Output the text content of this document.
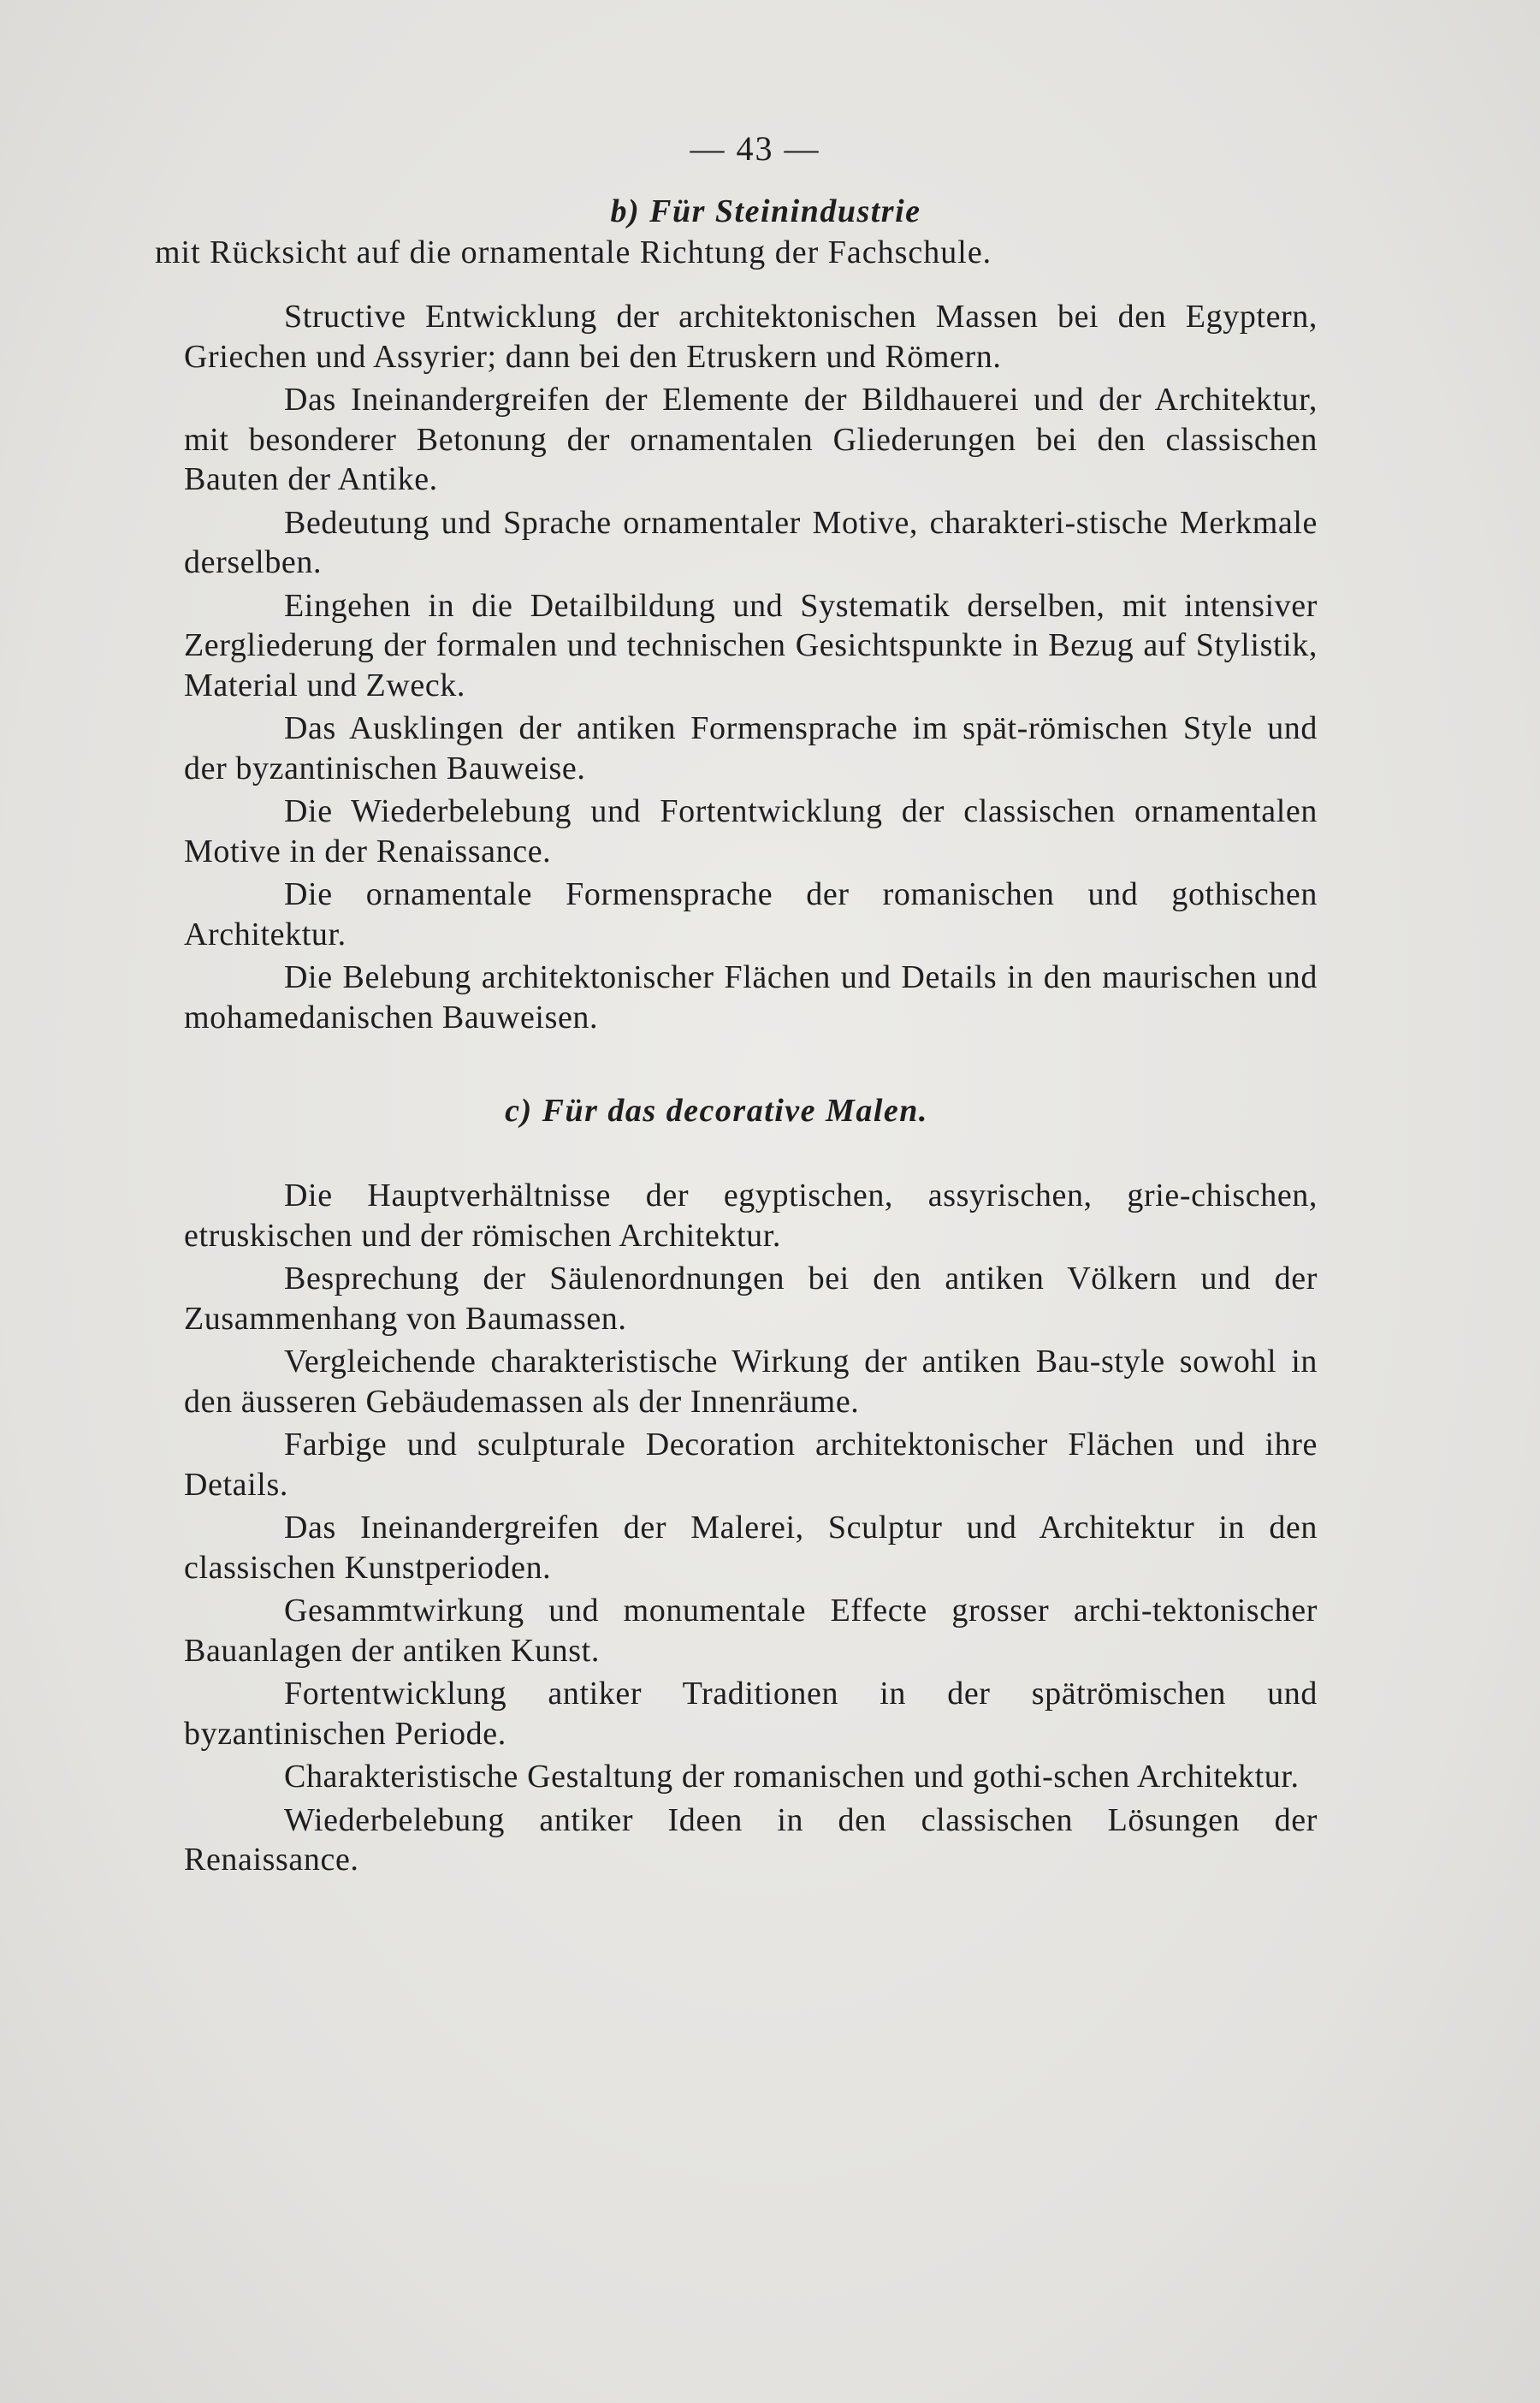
— 43 —
b) Für Steinindustrie
mit Rücksicht auf die ornamentale Richtung der Fachschule.

Structive Entwicklung der architektonischen Massen bei den Egyptern, Griechen und Assyrier; dann bei den Etruskern und Römern.

Das Ineinandergreifen der Elemente der Bildhauerei und der Architektur, mit besonderer Betonung der ornamentalen Gliederungen bei den classischen Bauten der Antike.

Bedeutung und Sprache ornamentaler Motive, charakteri-stische Merkmale derselben.

Eingehen in die Detailbildung und Systematik derselben, mit intensiver Zergliederung der formalen und technischen Gesichtspunkte in Bezug auf Stylistik, Material und Zweck.

Das Ausklingen der antiken Formensprache im spät-römischen Style und der byzantinischen Bauweise.

Die Wiederbelebung und Fortentwicklung der classischen ornamentalen Motive in der Renaissance.

Die ornamentale Formensprache der romanischen und gothischen Architektur.

Die Belebung architektonischer Flächen und Details in den maurischen und mohamedanischen Bauweisen.

c) Für das decorative Malen.

Die Hauptverhältnisse der egyptischen, assyrischen, grie-chischen, etruskischen und der römischen Architektur.

Besprechung der Säulenordnungen bei den antiken Völkern und der Zusammenhang von Baumassen.

Vergleichende charakteristische Wirkung der antiken Bau-style sowohl in den äusseren Gebäudemassen als der Innenräume.

Farbige und sculpturale Decoration architektonischer Flächen und ihre Details.

Das Ineinandergreifen der Malerei, Sculptur und Architektur in den classischen Kunstperioden.

Gesammtwirkung und monumentale Effecte grosser archi-tektonischer Bauanlagen der antiken Kunst.

Fortentwicklung antiker Traditionen in der spätrömischen und byzantinischen Periode.

Charakteristische Gestaltung der romanischen und gothi-schen Architektur.

Wiederbelebung antiker Ideen in den classischen Lösungen der Renaissance.
